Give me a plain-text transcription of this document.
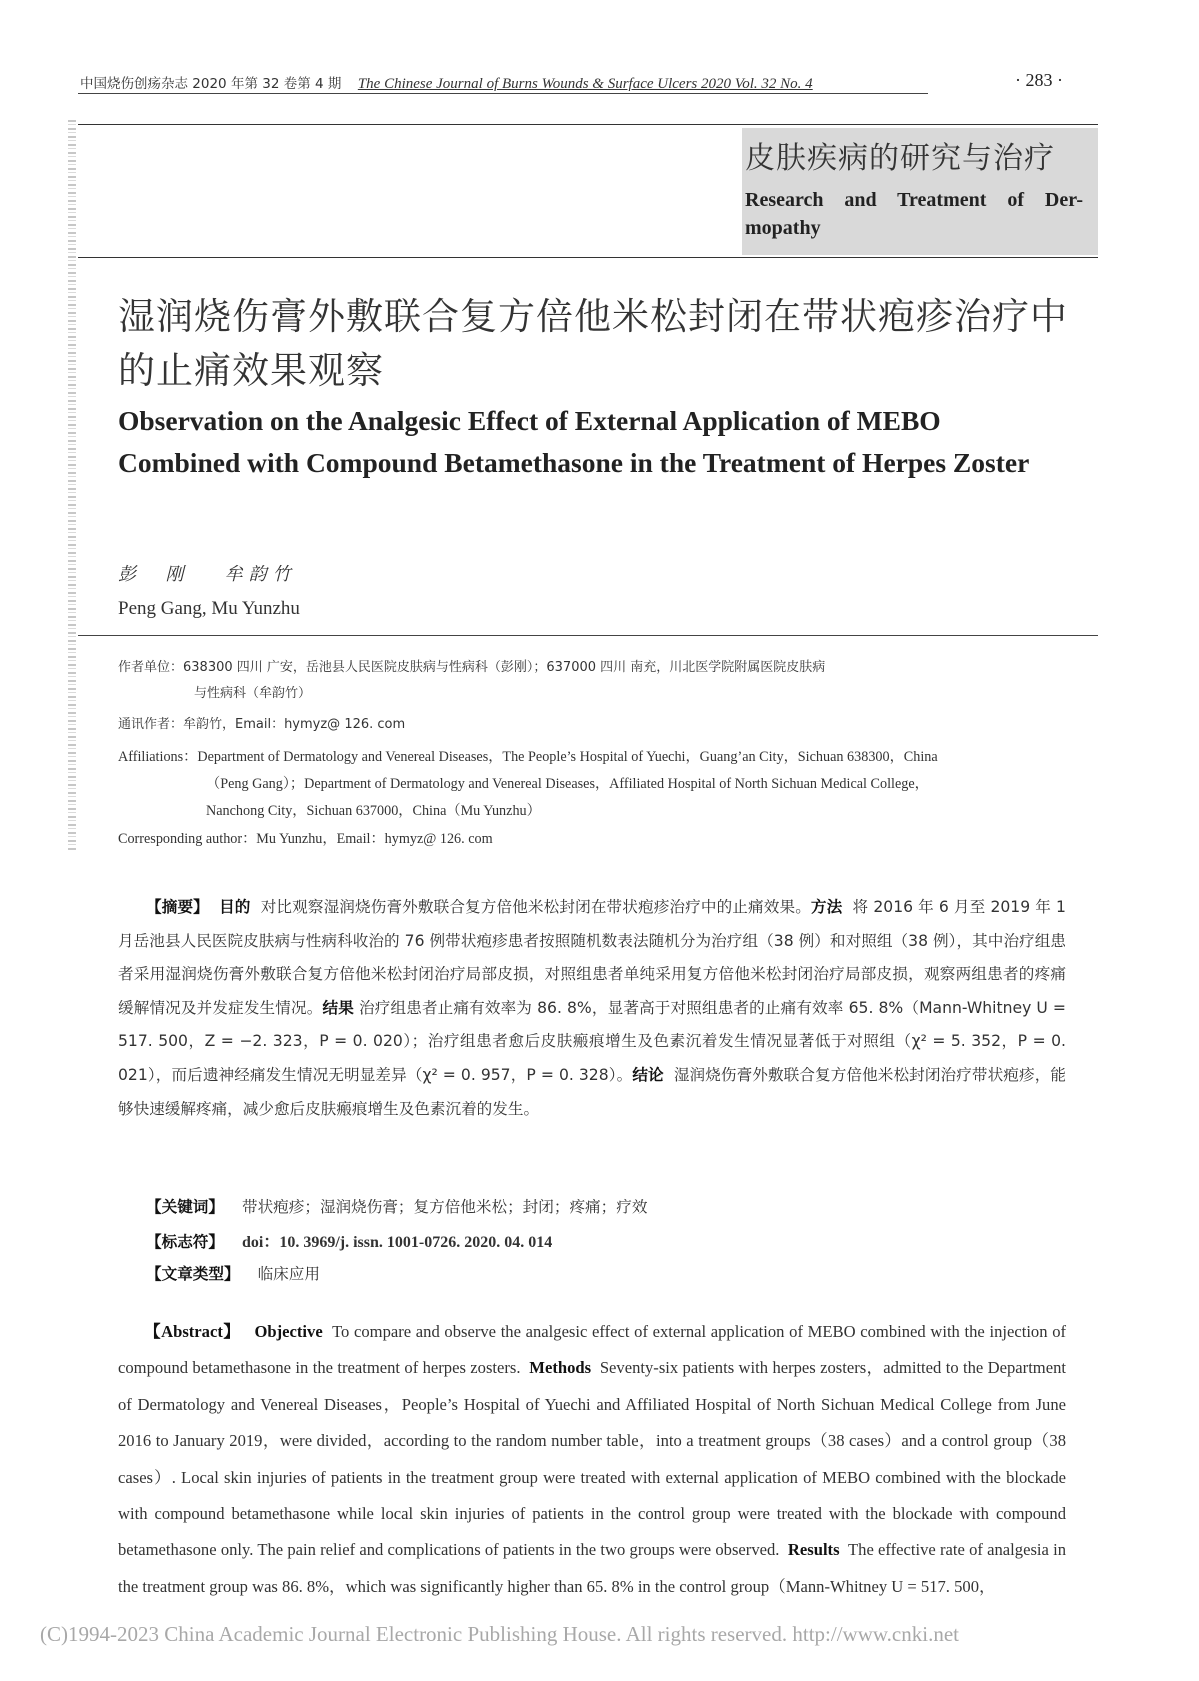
中国烧伤创疡杂志 2020 年第 32 卷第 4 期 The Chinese Journal of Burns Wounds & Surface Ulcers 2020 Vol. 32 No. 4	· 283 ·
皮肤疾病的研究与治疗
Research and Treatment of Der-
mopathy
湿润烧伤膏外敷联合复方倍他米松封闭在带状疱疹治疗中的止痛效果观察
Observation on the Analgesic Effect of External Application of MEBO Combined with Compound Betamethasone in the Treatment of Herpes Zoster
彭  刚   牟韵竹
Peng Gang, Mu Yunzhu
作者单位：638300 四川 广安，岳池县人民医院皮肤病与性病科（彭刚）；637000 四川 南充，川北医学院附属医院皮肤病
与性病科（牟韵竹）
通讯作者：牟韵竹，Email：hymyz@ 126. com
Affiliations：Department of Dermatology and Venereal Diseases，The People’s Hospital of Yuechi，Guang’an City，Sichuan 638300，China
（Peng Gang）；Department of Dermatology and Venereal Diseases，Affiliated Hospital of North Sichuan Medical College，
Nanchong City，Sichuan 637000，China（Mu Yunzhu）
Corresponding author：Mu Yunzhu，Email：hymyz@ 126. com
【摘要】 目的 对比观察湿润烧伤膏外敷联合复方倍他米松封闭在带状疱疹治疗中的止痛效果。方法 将 2016 年 6 月至 2019 年 1 月岳池县人民医院皮肤病与性病科收治的 76 例带状疱疹患者按照随机数表法随机分为治疗组（38 例）和对照组（38 例），其中治疗组患者采用湿润烧伤膏外敷联合复方倍他米松封闭治疗局部皮损，对照组患者单纯采用复方倍他米松封闭治疗局部皮损，观察两组患者的疼痛缓解情况及并发症发生情况。结果 治疗组患者止痛有效率为 86. 8%，显著高于对照组患者的止痛有效率 65. 8%（Mann-Whitney U = 517. 500，Z = −2. 323，P = 0. 020）；治疗组患者愈后皮肤瘢痕增生及色素沉着发生情况显著低于对照组（χ² = 5. 352，P = 0. 021），而后遗神经痛发生情况无明显差异（χ² = 0. 957，P = 0. 328）。结论 湿润烧伤膏外敷联合复方倍他米松封闭治疗带状疱疹，能够快速缓解疼痛，减少愈后皮肤瘢痕增生及色素沉着的发生。
【关键词】 带状疱疹；湿润烧伤膏；复方倍他米松；封闭；疼痛；疗效
【标志符】 doi：10. 3969/j. issn. 1001-0726. 2020. 04. 014
【文章类型】 临床应用
【Abstract】 Objective To compare and observe the analgesic effect of external application of MEBO combined with the injection of compound betamethasone in the treatment of herpes zosters. Methods Seventy-six patients with herpes zosters，admitted to the Department of Dermatology and Venereal Diseases，People’s Hospital of Yuechi and Affiliated Hospital of North Sichuan Medical College from June 2016 to January 2019，were divided，according to the random number table，into a treatment groups（38 cases）and a control group（38 cases）. Local skin injuries of patients in the treatment group were treated with external application of MEBO combined with the blockade with compound betamethasone while local skin injuries of patients in the control group were treated with the blockade with compound betamethasone only. The pain relief and complications of patients in the two groups were observed. Results The effective rate of analgesia in the treatment group was 86. 8%，which was significantly higher than 65. 8% in the control group（Mann-Whitney U = 517. 500，
(C)1994-2023 China Academic Journal Electronic Publishing House. All rights reserved. http://www.cnki.net
